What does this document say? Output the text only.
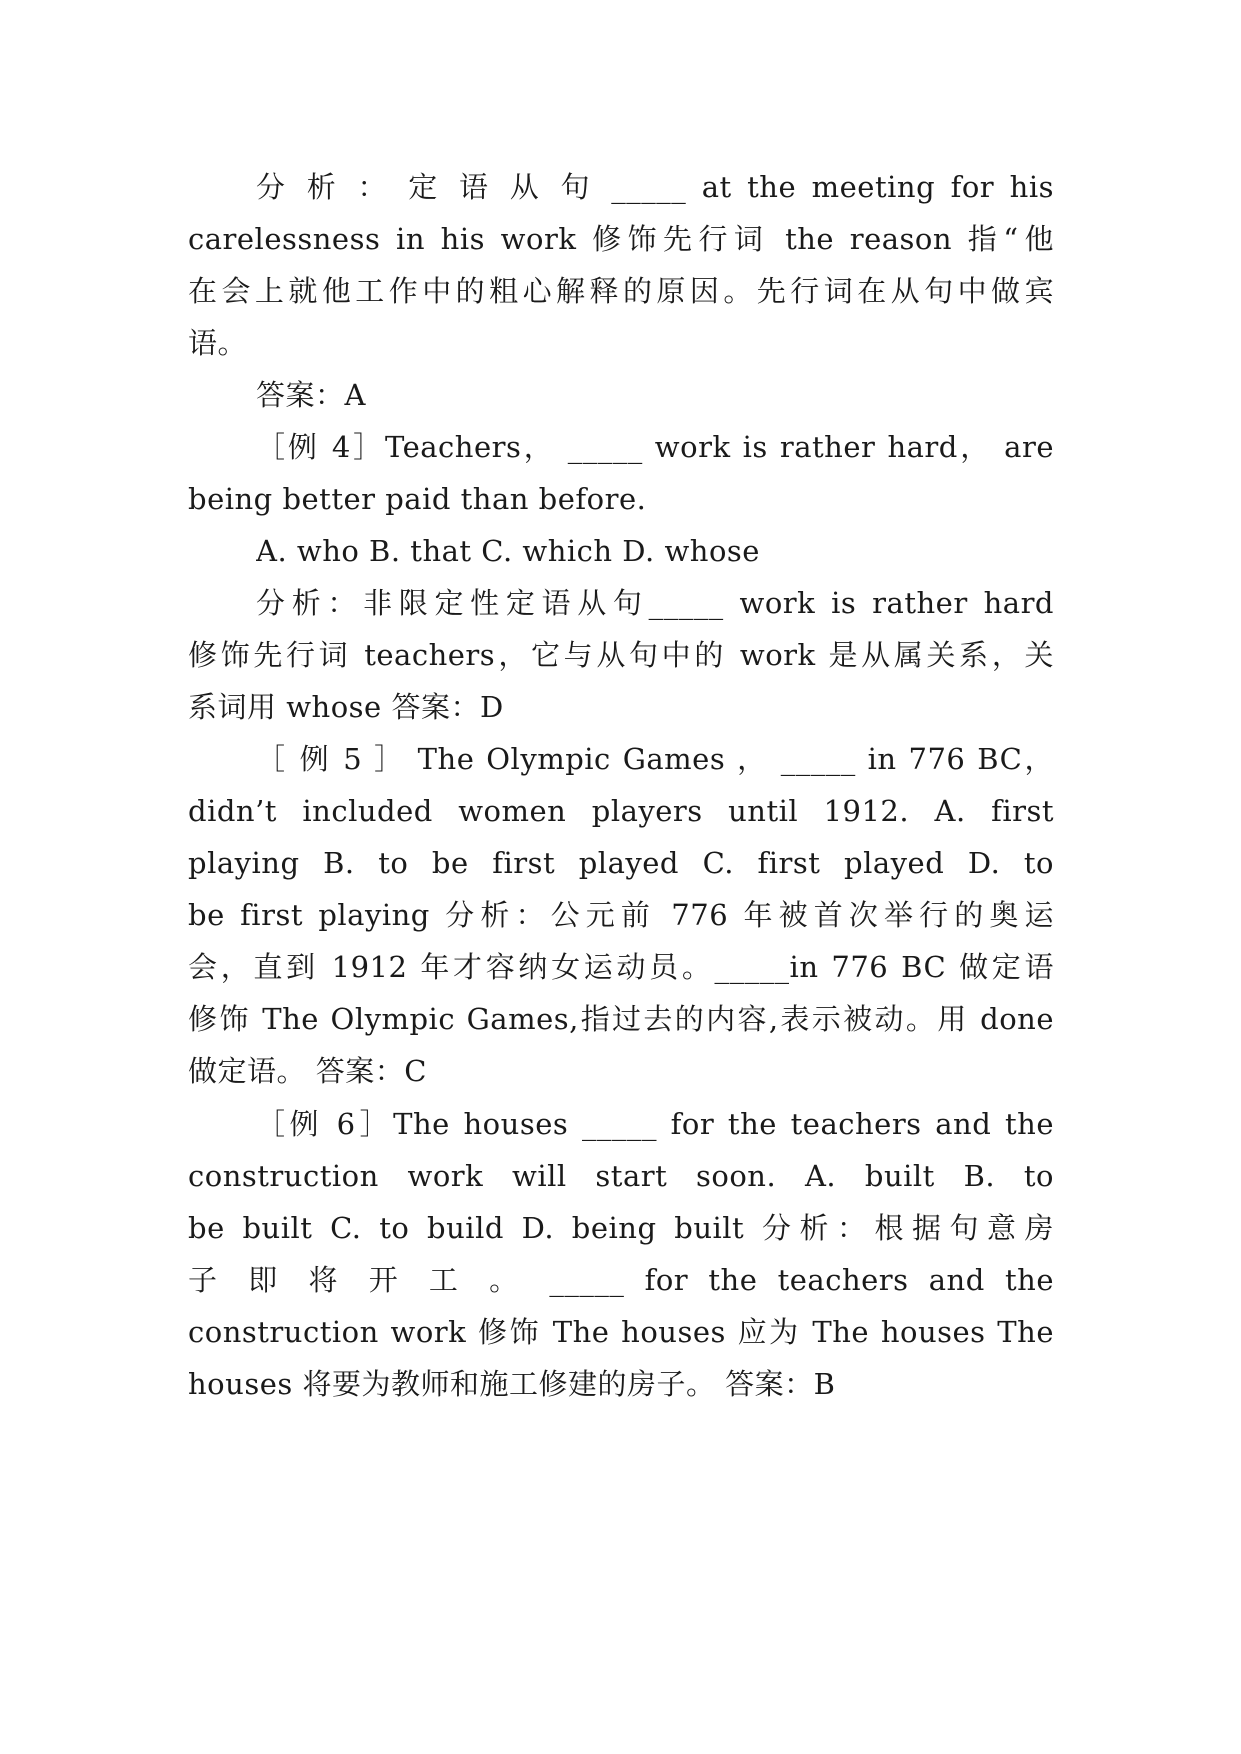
分 析 ： 定 语 从 句 _____ at the meeting for his
carelessness in his work 修饰先行词 the reason 指“他
在会上就他工作中的粗心解释的原因。先行词在从句中做宾
语。
答案：A
［例 4］Teachers， _____ work is rather hard， are
being better paid than before.
A. who B. that C. which D. whose
分析：非限定性定语从句_____ work is rather hard
修饰先行词 teachers，它与从句中的 work 是从属关系，关
系词用 whose 答案：D
［ 例 5 ］ The Olympic Games ， _____ in 776 BC，
didn’t included women players until 1912. A. first
playing B. to be first played C. first played D. to
be first playing 分析：公元前 776 年被首次举行的奥运
会，直到 1912 年才容纳女运动员。_____in 776 BC 做定语
修饰 The Olympic Games,指过去的内容,表示被动。用 done
做定语。 答案：C
［例 6］The houses _____ for the teachers and the
construction work will start soon. A. built B. to
be built C. to build D. being built 分析：根据句意房
子 即 将 开 工 。 _____ for the teachers and the
construction work 修饰 The houses 应为 The houses The
houses 将要为教师和施工修建的房子。 答案：B
